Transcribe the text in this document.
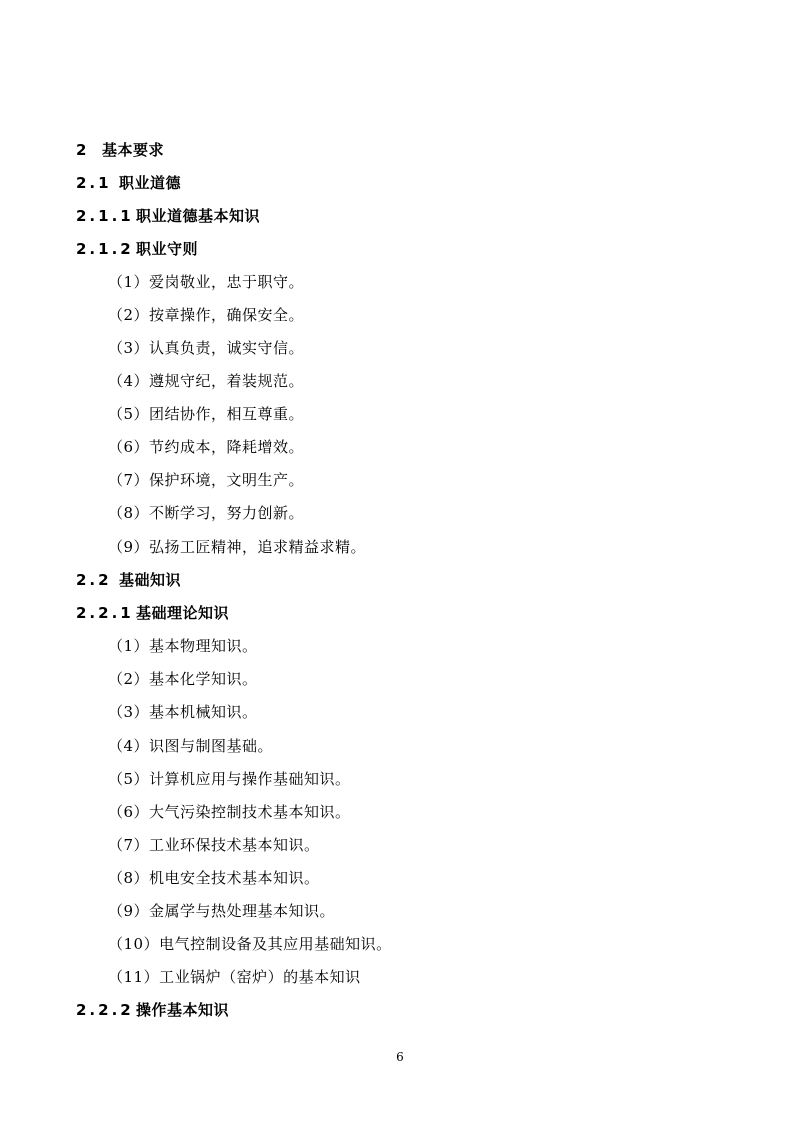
2 基本要求
2.1 职业道德
2.1.1 职业道德基本知识
2.1.2 职业守则
（1）爱岗敬业，忠于职守。
（2）按章操作，确保安全。
（3）认真负责，诚实守信。
（4）遵规守纪，着装规范。
（5）团结协作，相互尊重。
（6）节约成本，降耗增效。
（7）保护环境，文明生产。
（8）不断学习，努力创新。
（9）弘扬工匠精神，追求精益求精。
2.2 基础知识
2.2.1 基础理论知识
（1）基本物理知识。
（2）基本化学知识。
（3）基本机械知识。
（4）识图与制图基础。
（5）计算机应用与操作基础知识。
（6）大气污染控制技术基本知识。
（7）工业环保技术基本知识。
（8）机电安全技术基本知识。
（9）金属学与热处理基本知识。
（10）电气控制设备及其应用基础知识。
（11）工业锅炉（窑炉）的基本知识
2.2.2 操作基本知识
6
